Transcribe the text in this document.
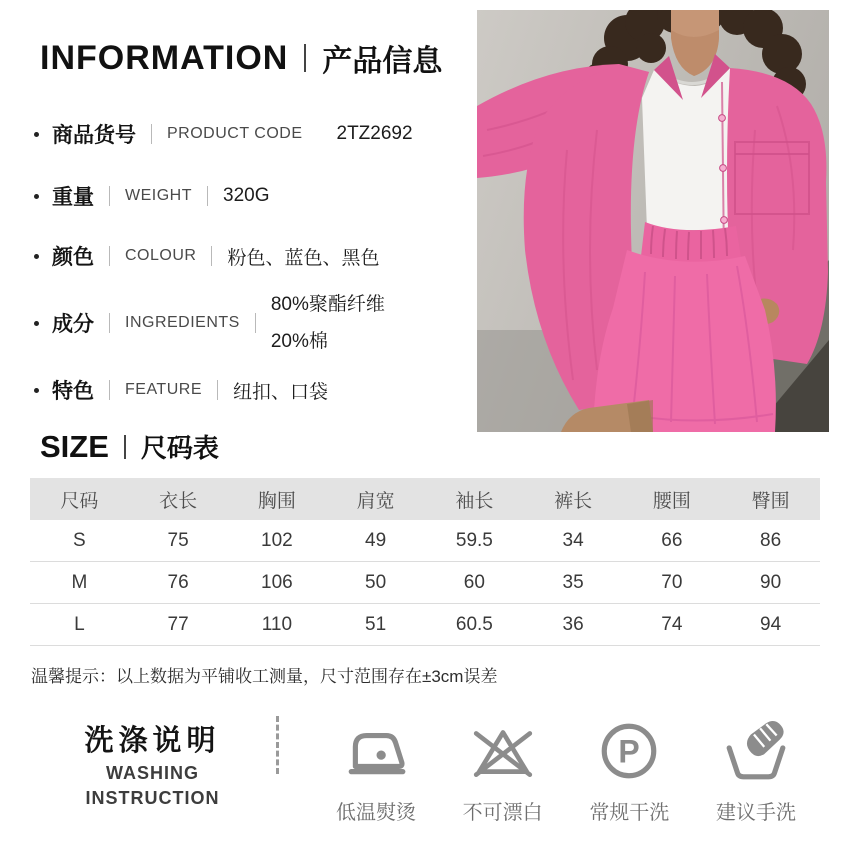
INFORMATION 产品信息
商品货号 PRODUCT CODE 2TZ2692
重量 WEIGHT 320G
颜色 COLOUR 粉色、蓝色、黑色
成分 INGREDIENTS
80%聚酯纤维
20%棉
特色 FEATURE 纽扣、口袋
SIZE 尺码表
尺码	衣长	胸围	肩宽	袖长	裤长	腰围	臀围
S	75	102	49	59.5	34	66	86
M	76	106	50	60	35	70	90
L	77	110	51	60.5	36	74	94
温馨提示：以上数据为平铺收工测量，尺寸范围存在±3cm误差
洗涤说明
WASHING
INSTRUCTION
低温熨烫 不可漂白
P
常规干洗 建议手洗
